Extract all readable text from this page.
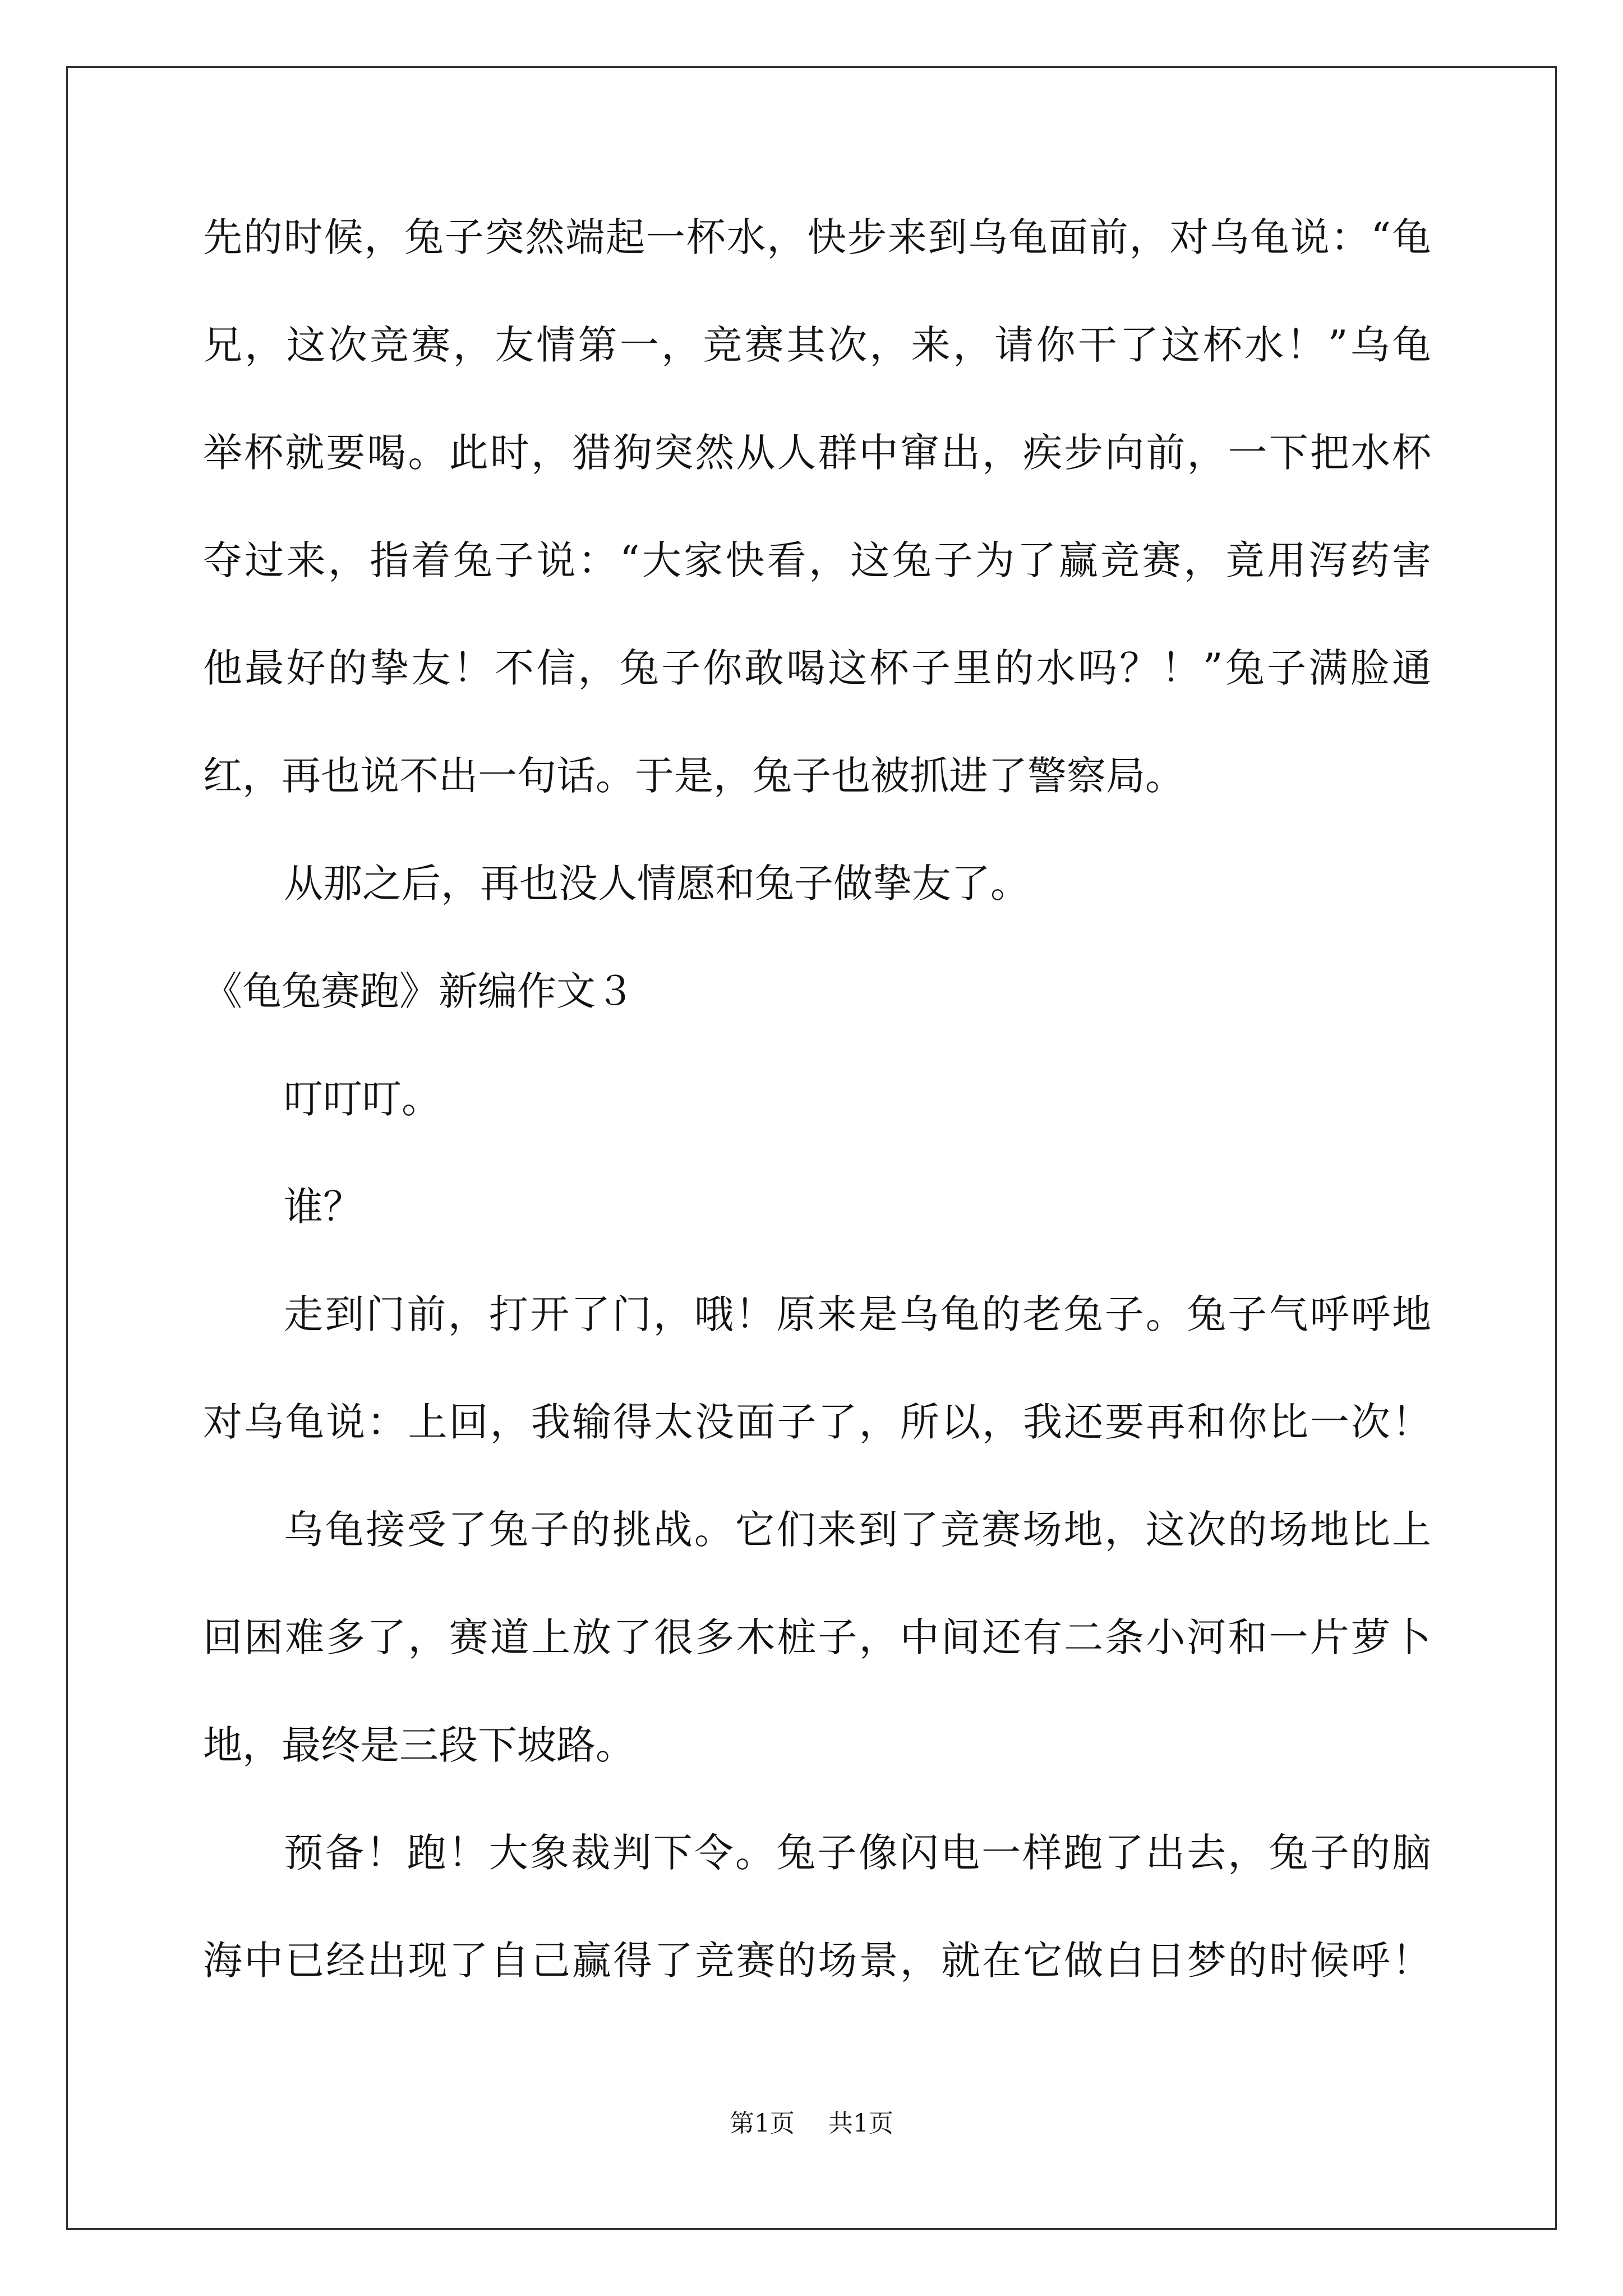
先的时候，兔子突然端起一杯水，快步来到乌龟面前，对乌龟说：“龟
兄，这次竞赛，友情第一，竞赛其次，来，请你干了这杯水！”乌龟
举杯就要喝。此时，猎狗突然从人群中窜出，疾步向前，一下把水杯
夺过来，指着兔子说：“大家快看，这兔子为了赢竞赛，竟用泻药害
他最好的挚友！不信，兔子你敢喝这杯子里的水吗？！”兔子满脸通
红，再也说不出一句话。于是，兔子也被抓进了警察局。
从那之后，再也没人情愿和兔子做挚友了。
《龟兔赛跑》新编作文３
叮叮叮。
谁？
走到门前，打开了门，哦！原来是乌龟的老兔子。兔子气呼呼地
对乌龟说：上回，我输得太没面子了，所以，我还要再和你比一次！
乌龟接受了兔子的挑战。它们来到了竞赛场地，这次的场地比上
回困难多了，赛道上放了很多木桩子，中间还有二条小河和一片萝卜
地，最终是三段下坡路。
预备！跑！大象裁判下令。兔子像闪电一样跑了出去，兔子的脑
海中已经出现了自己赢得了竞赛的场景，就在它做白日梦的时候呼！
第1页 共1页
